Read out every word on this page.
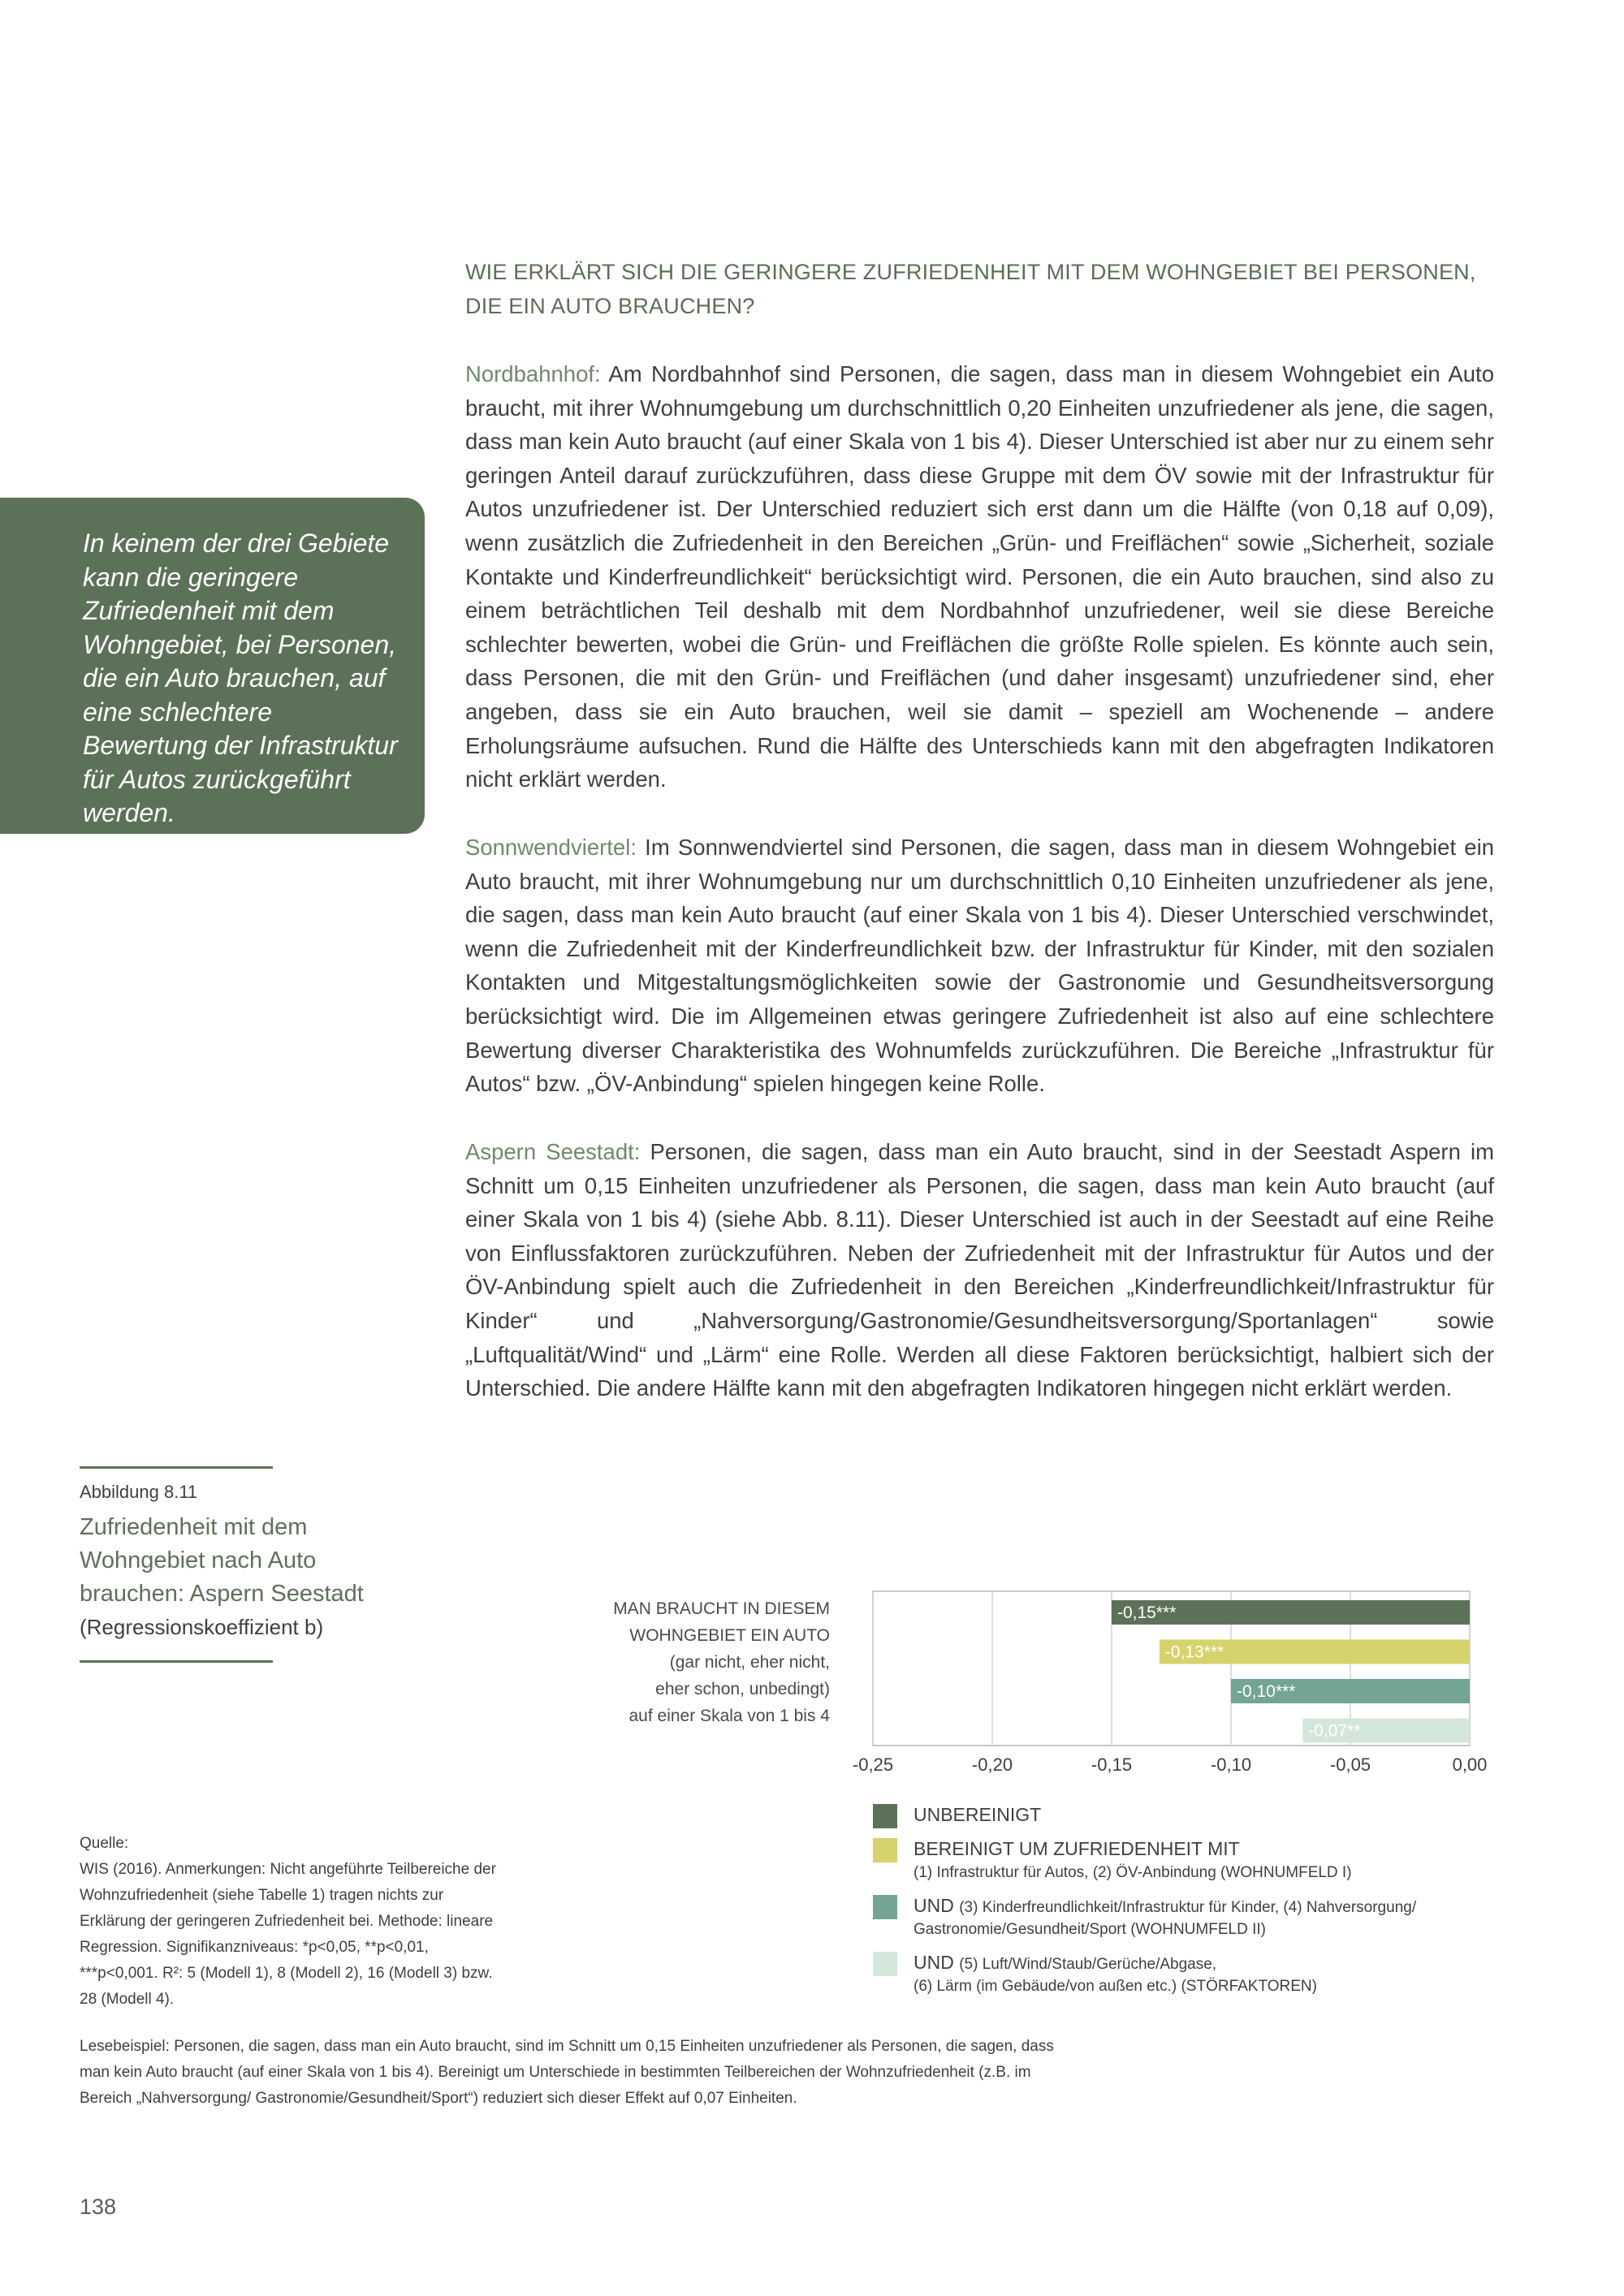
WIE ERKLÄRT SICH DIE GERINGERE ZUFRIEDENHEIT MIT DEM WOHNGEBIET BEI PERSONEN, DIE EIN AUTO BRAUCHEN?
Nordbahnhof: Am Nordbahnhof sind Personen, die sagen, dass man in diesem Wohngebiet ein Auto braucht, mit ihrer Wohnumgebung um durchschnittlich 0,20 Einheiten unzufriedener als jene, die sagen, dass man kein Auto braucht (auf einer Skala von 1 bis 4). Dieser Unterschied ist aber nur zu einem sehr geringen Anteil darauf zurückzuführen, dass diese Gruppe mit dem ÖV sowie mit der Infrastruktur für Autos unzufriedener ist. Der Unterschied reduziert sich erst dann um die Hälfte (von 0,18 auf 0,09), wenn zusätzlich die Zufriedenheit in den Bereichen „Grün- und Freiflächen“ sowie „Sicherheit, soziale Kontakte und Kinderfreundlichkeit“ berücksichtigt wird. Personen, die ein Auto brauchen, sind also zu einem beträchtlichen Teil deshalb mit dem Nordbahnhof unzufriedener, weil sie diese Bereiche schlechter bewerten, wobei die Grün- und Freiflächen die größte Rolle spielen. Es könnte auch sein, dass Personen, die mit den Grün- und Freiflächen (und daher insgesamt) unzufriedener sind, eher angeben, dass sie ein Auto brauchen, weil sie damit – speziell am Wochenende – andere Erholungsräume aufsuchen. Rund die Hälfte des Unterschieds kann mit den abgefragten Indikatoren nicht erklärt werden.
Sonnwendviertel: Im Sonnwendviertel sind Personen, die sagen, dass man in diesem Wohngebiet ein Auto braucht, mit ihrer Wohnumgebung nur um durchschnittlich 0,10 Einheiten unzufriedener als jene, die sagen, dass man kein Auto braucht (auf einer Skala von 1 bis 4). Dieser Unterschied verschwindet, wenn die Zufriedenheit mit der Kinderfreundlichkeit bzw. der Infrastruktur für Kinder, mit den sozialen Kontakten und Mitgestaltungsmöglichkeiten sowie der Gastronomie und Gesundheitsversorgung berücksichtigt wird. Die im Allgemeinen etwas geringere Zufriedenheit ist also auf eine schlechtere Bewertung diverser Charakteristika des Wohnumfelds zurückzuführen. Die Bereiche „Infrastruktur für Autos“ bzw. „ÖV-Anbindung“ spielen hingegen keine Rolle.
Aspern Seestadt: Personen, die sagen, dass man ein Auto braucht, sind in der Seestadt Aspern im Schnitt um 0,15 Einheiten unzufriedener als Personen, die sagen, dass man kein Auto braucht (auf einer Skala von 1 bis 4) (siehe Abb. 8.11). Dieser Unterschied ist auch in der Seestadt auf eine Reihe von Einflussfaktoren zurückzuführen. Neben der Zufriedenheit mit der Infrastruktur für Autos und der ÖV-Anbindung spielt auch die Zufriedenheit in den Bereichen „Kinderfreundlichkeit/Infrastruktur für Kinder“ und „Nahversorgung/Gastronomie/Gesundheitsversorgung/Sportanlagen“ sowie „Luftqualität/Wind“ und „Lärm“ eine Rolle. Werden all diese Faktoren berücksichtigt, halbiert sich der Unterschied. Die andere Hälfte kann mit den abgefragten Indikatoren hingegen nicht erklärt werden.

In keinem der drei Gebiete kann die geringere Zufriedenheit mit dem Wohngebiet, bei Personen, die ein Auto brauchen, auf eine schlechtere Bewertung der Infrastruktur für Autos zurückgeführt werden.

Abbildung 8.11
Zufriedenheit mit dem Wohngebiet nach Auto brauchen: Aspern Seestadt
(Regressionskoeffizient b)
MAN BRAUCHT IN DIESEM
WOHNGEBIET EIN AUTO
(gar nicht, eher nicht,
eher schon, unbedingt)
auf einer Skala von 1 bis 4
-0,25	-0,20	-0,15	-0,10	-0,05	0,00
-0,15***
-0,13***
-0,10***
-0,07**
UNBEREINIGT
BEREINIGT UM ZUFRIEDENHEIT MIT
(1) Infrastruktur für Autos, (2) ÖV-Anbindung (WOHNUMFELD I)
UND (3) Kinderfreundlichkeit/Infrastruktur für Kinder, (4) Nahversorgung/
Gastronomie/Gesundheit/Sport (WOHNUMFELD II)
UND (5) Luft/Wind/Staub/Gerüche/Abgase,
(6) Lärm (im Gebäude/von außen etc.) (STÖRFAKTOREN)
Quelle:
WIS (2016). Anmerkungen: Nicht angeführte Teilbereiche der Wohnzufriedenheit (siehe Tabelle 1) tragen nichts zur Erklärung der geringeren Zufriedenheit bei. Methode: lineare Regression. Signifikanzniveaus: *p<0,05, **p<0,01, ***p<0,001. R²: 5 (Modell 1), 8 (Modell 2), 16 (Modell 3) bzw. 28 (Modell 4).
Lesebeispiel: Personen, die sagen, dass man ein Auto braucht, sind im Schnitt um 0,15 Einheiten unzufriedener als Personen, die sagen, dass man kein Auto braucht (auf einer Skala von 1 bis 4). Bereinigt um Unterschiede in bestimmten Teilbereichen der Wohnzufriedenheit (z.B. im Bereich „Nahversorgung/ Gastronomie/Gesundheit/Sport“) reduziert sich dieser Effekt auf 0,07 Einheiten.
138
